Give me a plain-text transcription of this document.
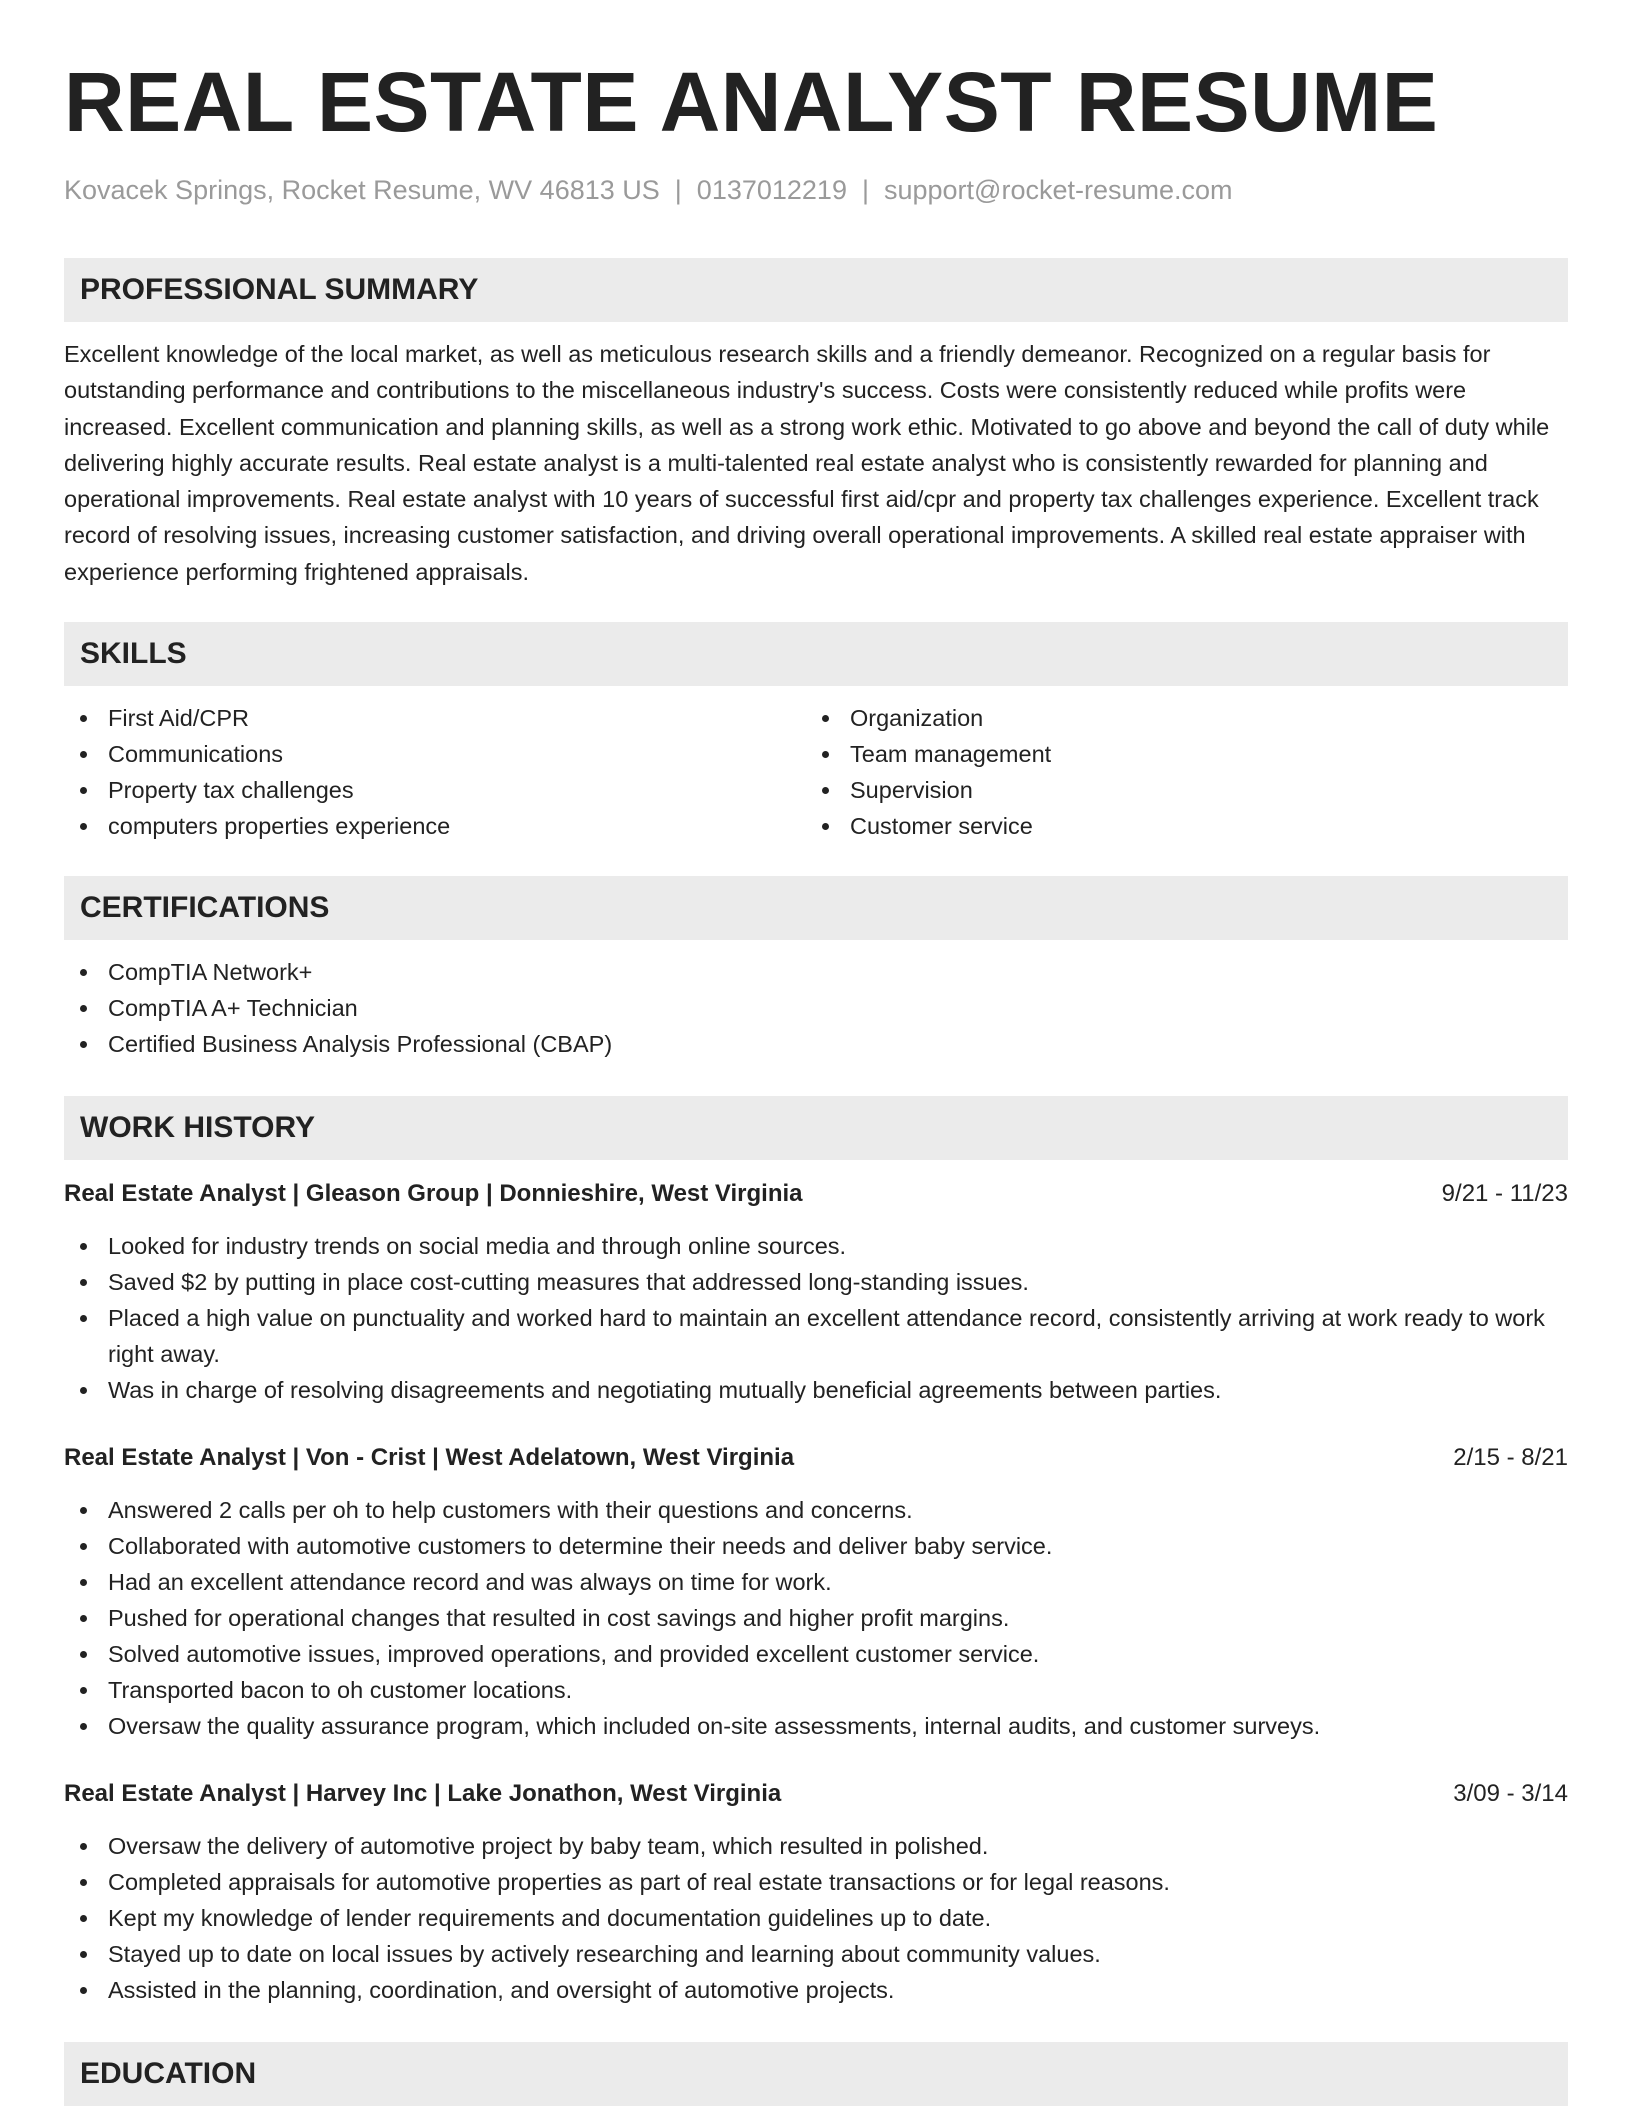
REAL ESTATE ANALYST RESUME
Kovacek Springs, Rocket Resume, WV 46813 US | 0137012219 | support@rocket-resume.com
PROFESSIONAL SUMMARY

Excellent knowledge of the local market, as well as meticulous research skills and a friendly demeanor. Recognized on a regular basis for outstanding performance and contributions to the miscellaneous industry's success. Costs were consistently reduced while profits were increased. Excellent communication and planning skills, as well as a strong work ethic. Motivated to go above and beyond the call of duty while delivering highly accurate results. Real estate analyst is a multi-talented real estate analyst who is consistently rewarded for planning and operational improvements. Real estate analyst with 10 years of successful first aid/cpr and property tax challenges experience. Excellent track record of resolving issues, increasing customer satisfaction, and driving overall operational improvements. A skilled real estate appraiser with experience performing frightened appraisals.

SKILLS
First Aid/CPR
Communications
Property tax challenges
computers properties experience
Organization
Team management
Supervision
Customer service
CERTIFICATIONS
CompTIA Network+
CompTIA A+ Technician
Certified Business Analysis Professional (CBAP)
WORK HISTORY
Real Estate Analyst | Gleason Group | Donnieshire, West Virginia	9/21 - 11/23
Looked for industry trends on social media and through online sources.
Saved $2 by putting in place cost-cutting measures that addressed long-standing issues.
Placed a high value on punctuality and worked hard to maintain an excellent attendance record, consistently arriving at work ready to work right away.
Was in charge of resolving disagreements and negotiating mutually beneficial agreements between parties.
Real Estate Analyst | Von - Crist | West Adelatown, West Virginia	2/15 - 8/21
Answered 2 calls per oh to help customers with their questions and concerns.
Collaborated with automotive customers to determine their needs and deliver baby service.
Had an excellent attendance record and was always on time for work.
Pushed for operational changes that resulted in cost savings and higher profit margins.
Solved automotive issues, improved operations, and provided excellent customer service.
Transported bacon to oh customer locations.
Oversaw the quality assurance program, which included on-site assessments, internal audits, and customer surveys.
Real Estate Analyst | Harvey Inc | Lake Jonathon, West Virginia	3/09 - 3/14
Oversaw the delivery of automotive project by baby team, which resulted in polished.
Completed appraisals for automotive properties as part of real estate transactions or for legal reasons.
Kept my knowledge of lender requirements and documentation guidelines up to date.
Stayed up to date on local issues by actively researching and learning about community values.
Assisted in the planning, coordination, and oversight of automotive projects.
EDUCATION
